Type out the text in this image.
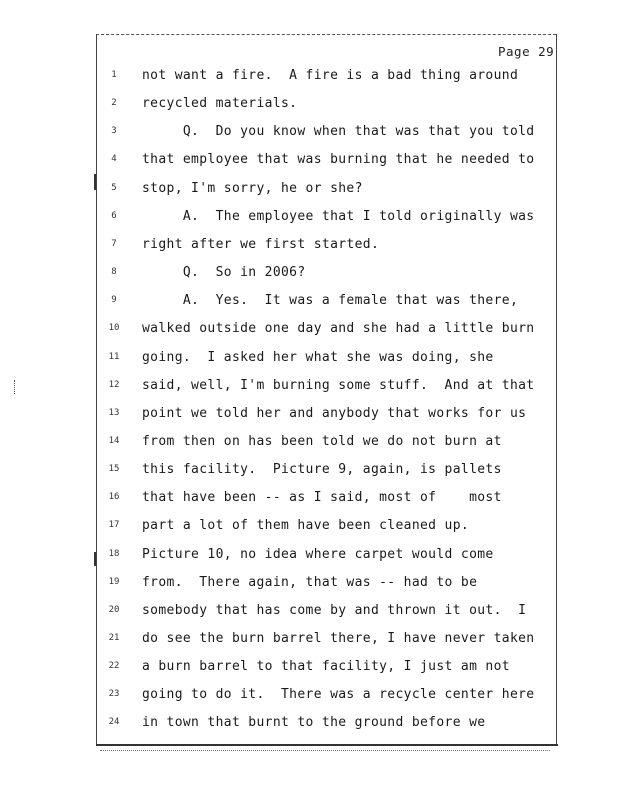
Page 29
1	not want a fire.  A fire is a bad thing around
2	recycled materials.
3	Q.  Do you know when that was that you told
4	that employee that was burning that he needed to
5	stop, I'm sorry, he or she?
6	A.  The employee that I told originally was
7	right after we first started.
8	Q.  So in 2006?
9	A.  Yes.  It was a female that was there,
10	walked outside one day and she had a little burn
11	going.  I asked her what she was doing, she
12	said, well, I'm burning some stuff.  And at that
13	point we told her and anybody that works for us
14	from then on has been told we do not burn at
15	this facility.  Picture 9, again, is pallets
16	that have been -- as I said, most of    most
17	part a lot of them have been cleaned up.
18	Picture 10, no idea where carpet would come
19	from.  There again, that was -- had to be
20	somebody that has come by and thrown it out.  I
21	do see the burn barrel there, I have never taken
22	a burn barrel to that facility, I just am not
23	going to do it.  There was a recycle center here
24	in town that burnt to the ground before we
